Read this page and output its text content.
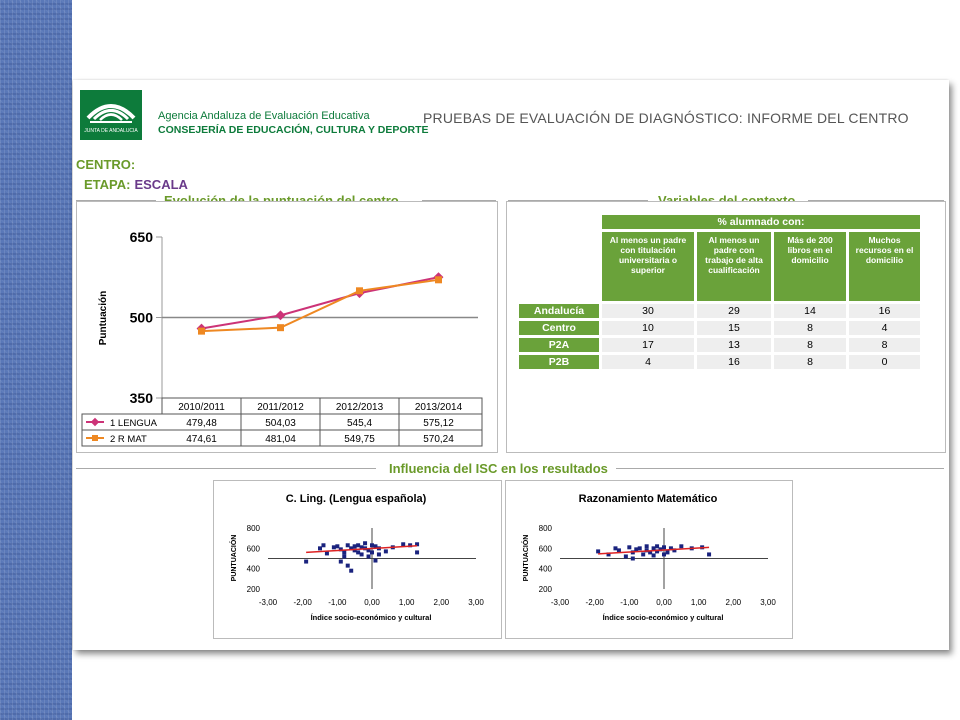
JUNTA DE ANDALUCIA
Agencia Andaluza de Evaluación Educativa
CONSEJERÍA DE EDUCACIÓN, CULTURA Y DEPORTE
PRUEBAS DE EVALUACIÓN DE DIAGNÓSTICO: INFORME DEL CENTRO
CENTRO:
ETAPA: ESCALA
650
500
350
Puntuación
2010/2011	2011/2012	2012/2013	2013/2014
1 LENGUA	479,48	504,03	545,4	575,12
2 R MAT	474,61	481,04	549,75	570,24
	% alumnado con:			
	Al menos un padre con titulación universitaria o superior	Al menos un padre con trabajo de alta cualificación	Más de 200 libros en el domicilio	Muchos recursos en el domicilio
Andalucía	30	29	14	16
Centro	10	15	8	4
P2A	17	13	8	8
P2B	4	16	8	0
Influencia del ISC en los resultados
C. Ling. (Lengua española)
800
600
400
200
-3,00 -2,00 -1,00 0,00 1,00 2,00 3,00
Índice socio-económico y cultural
PUNTUACIÓN
Razonamiento Matemático
800
600
400
200
-3,00 -2,00 -1,00 0,00 1,00 2,00 3,00
Índice socio-económico y cultural
PUNTUACIÓN
